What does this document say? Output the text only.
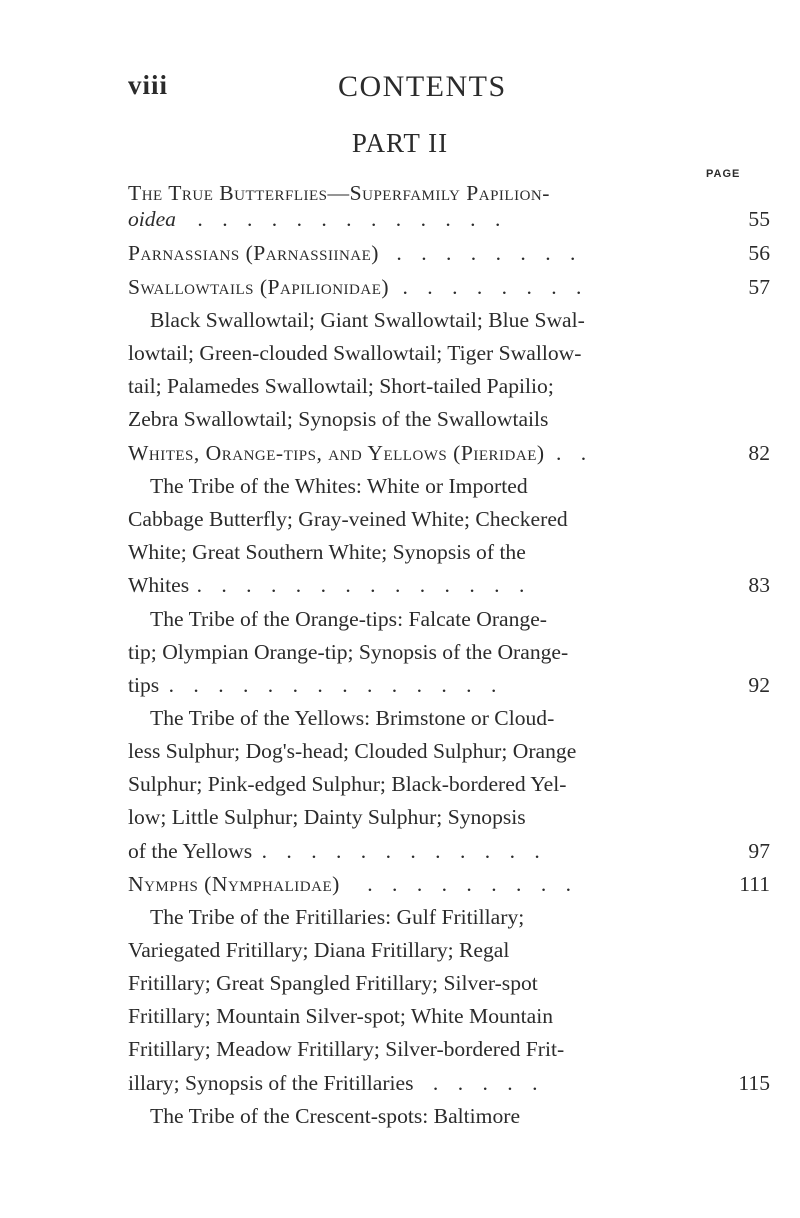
viii	CONTENTS
PART II
PAGE
The True Butterflies—Superfamily Papilion-
oidea . . . . . . . . . . . . .	55
Parnassians (Parnassiinae) . . . . . . . .	56
Swallowtails (Papilionidae) . . . . . . . .	57
Black Swallowtail; Giant Swallowtail; Blue Swal-
lowtail; Green-clouded Swallowtail; Tiger Swallow-
tail; Palamedes Swallowtail; Short-tailed Papilio;
Zebra Swallowtail; Synopsis of the Swallowtails
Whites, Orange-tips, and Yellows (Pieridae) . .	82
The Tribe of the Whites: White or Imported
Cabbage Butterfly; Gray-veined White; Checkered
White; Great Southern White; Synopsis of the
Whites . . . . . . . . . . . . . .	83
The Tribe of the Orange-tips: Falcate Orange-
tip; Olympian Orange-tip; Synopsis of the Orange-
tips . . . . . . . . . . . . . .	92
The Tribe of the Yellows: Brimstone or Cloud-
less Sulphur; Dog's-head; Clouded Sulphur; Orange
Sulphur; Pink-edged Sulphur; Black-bordered Yel-
low; Little Sulphur; Dainty Sulphur; Synopsis
of the Yellows . . . . . . . . . . . .	97
Nymphs (Nymphalidae) . . . . . . . . .	111
The Tribe of the Fritillaries: Gulf Fritillary;
Variegated Fritillary; Diana Fritillary; Regal
Fritillary; Great Spangled Fritillary; Silver-spot
Fritillary; Mountain Silver-spot; White Mountain
Fritillary; Meadow Fritillary; Silver-bordered Frit-
illary; Synopsis of the Fritillaries . . . . .	115
The Tribe of the Crescent-spots: Baltimore
